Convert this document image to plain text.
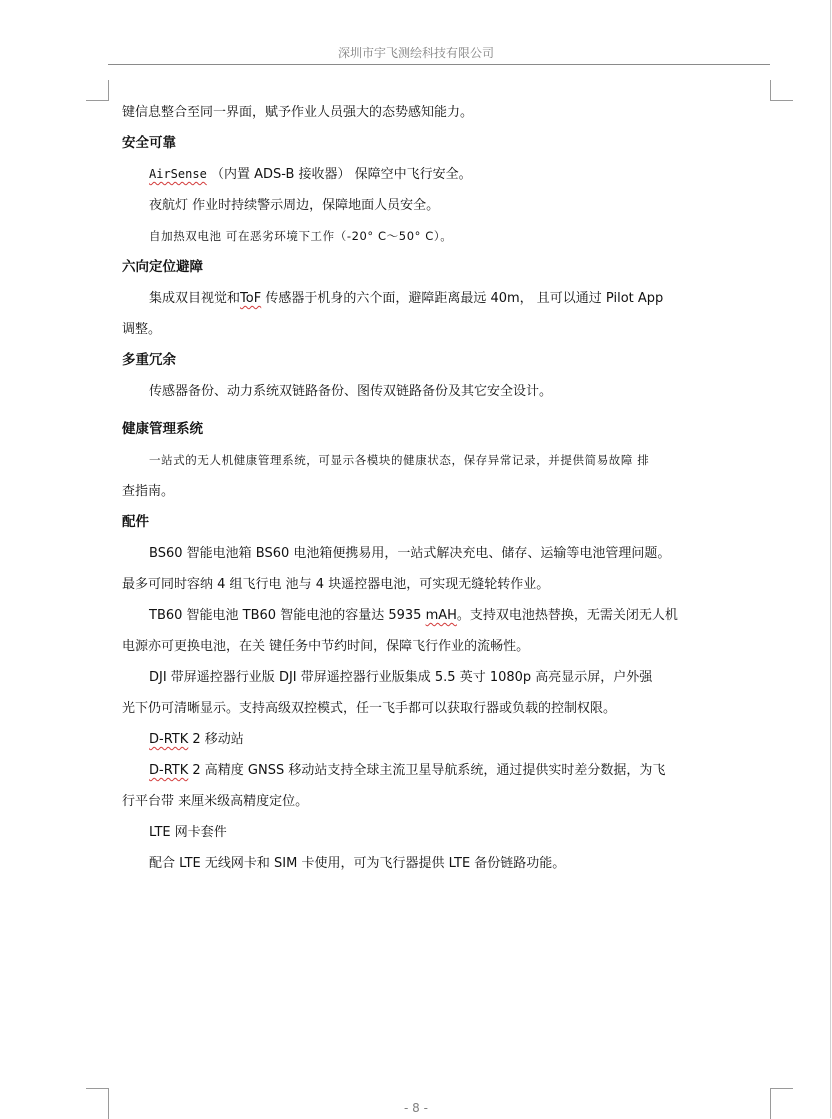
深圳市宇飞测绘科技有限公司

键信息整合至同一界面，赋予作业人员强大的态势感知能力。

安全可靠

AirSense （内置 ADS-B 接收器） 保障空中飞行安全。

夜航灯 作业时持续警示周边，保障地面人员安全。

自加热双电池 可在恶劣环境下工作（-20° C～50° C）。

六向定位避障

集成双目视觉和ToF 传感器于机身的六个面，避障距离最远 40m， 且可以通过 Pilot App

调整。

多重冗余

传感器备份、动力系统双链路备份、图传双链路备份及其它安全设计。

健康管理系统

一站式的无人机健康管理系统，可显示各模块的健康状态，保存异常记录，并提供简易故障 排

查指南。

配件

BS60 智能电池箱 BS60 电池箱便携易用，一站式解决充电、储存、运输等电池管理问题。

最多可同时容纳 4 组飞行电 池与 4 块遥控器电池，可实现无缝轮转作业。

TB60 智能电池 TB60 智能电池的容量达 5935 mAH。支持双电池热替换，无需关闭无人机

电源亦可更换电池，在关 键任务中节约时间，保障飞行作业的流畅性。

DJI 带屏遥控器行业版 DJI 带屏遥控器行业版集成 5.5 英寸 1080p 高亮显示屏，户外强

光下仍可清晰显示。支持高级双控模式，任一飞手都可以获取行器或负载的控制权限。

D-RTK 2 移动站

D-RTK 2 高精度 GNSS 移动站支持全球主流卫星导航系统，通过提供实时差分数据，为飞

行平台带 来厘米级高精度定位。

LTE 网卡套件

配合 LTE 无线网卡和 SIM 卡使用，可为飞行器提供 LTE 备份链路功能。

- 8 -
